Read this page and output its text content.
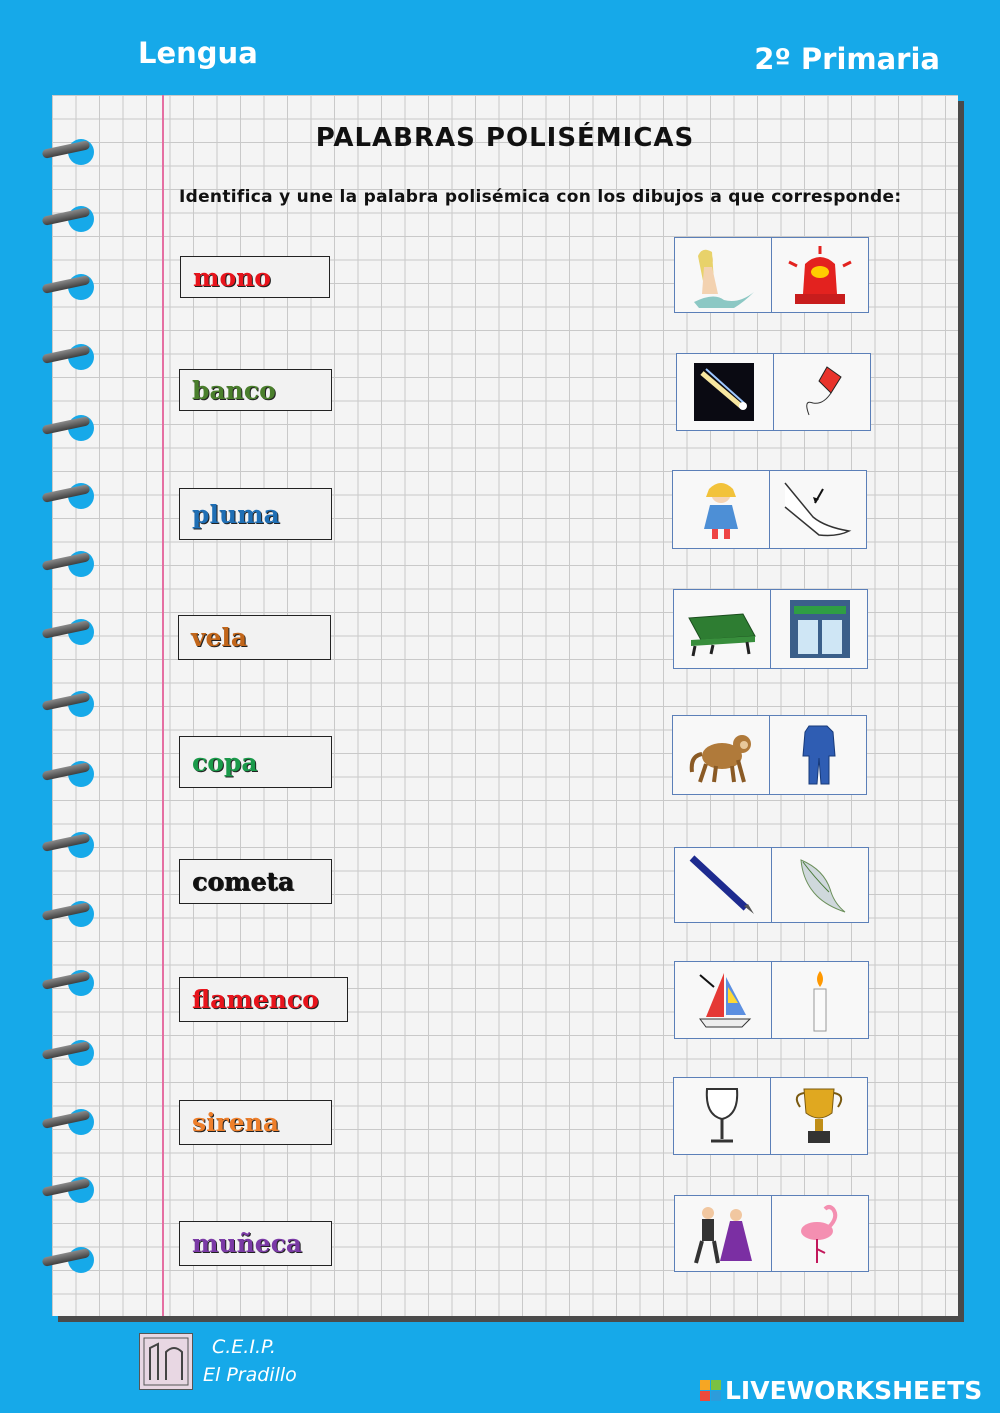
Lengua	2º Primaria
PALABRAS POLISÉMICAS
Identifica y une la palabra polisémica con los dibujos a que corresponde:
mono
banco
pluma
vela
copa
cometa
flamenco
sirena
muñeca
C.E.I.P.
El Pradillo
LIVEWORKSHEETS
